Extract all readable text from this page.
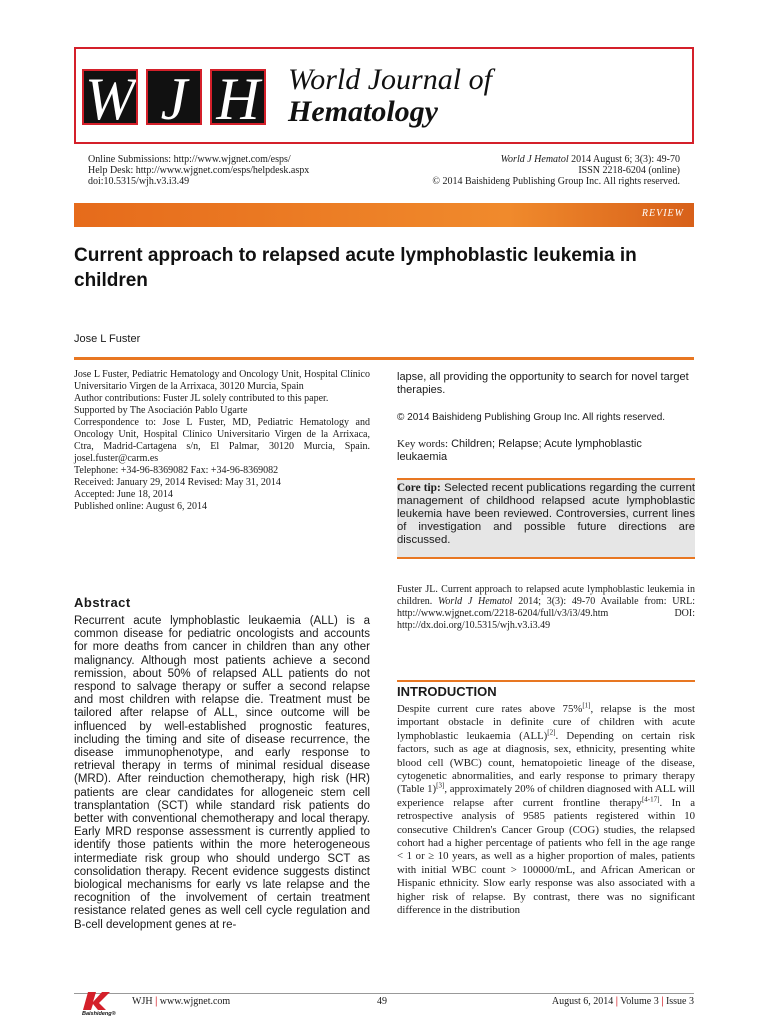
W J H World Journal of
Hematology
Online Submissions: http://www.wjgnet.com/esps/
Help Desk: http://www.wjgnet.com/esps/helpdesk.aspx
doi:10.5315/wjh.v3.i3.49
World J Hematol 2014 August 6; 3(3): 49-70
ISSN 2218-6204 (online)
© 2014 Baishideng Publishing Group Inc. All rights reserved.
REVIEW
Current approach to relapsed acute lymphoblastic leukemia in children
Jose L Fuster

Jose L Fuster, Pediatric Hematology and Oncology Unit, Hospital Clínico Universitario Virgen de la Arrixaca, 30120 Murcia, Spain

Author contributions: Fuster JL solely contributed to this paper.

Supported by The Asociación Pablo Ugarte

Correspondence to: Jose L Fuster, MD, Pediatric Hematology and Oncology Unit, Hospital Clínico Universitario Virgen de la Arrixaca, Ctra, Madrid-Cartagena s/n, El Palmar, 30120 Murcia, Spain. josel.fuster@carm.es

Telephone: +34-96-8369082 Fax: +34-96-8369082

Received: January 29, 2014 Revised: May 31, 2014

Accepted: June 18, 2014

Published online: August 6, 2014

Abstract

Recurrent acute lymphoblastic leukaemia (ALL) is a common disease for pediatric oncologists and accounts for more deaths from cancer in children than any other malignancy. Although most patients achieve a second remission, about 50% of relapsed ALL patients do not respond to salvage therapy or suffer a second relapse and most children with relapse die. Treatment must be tailored after relapse of ALL, since outcome will be influenced by well-established prognostic features, including the timing and site of disease recurrence, the disease immunophenotype, and early response to retrieval therapy in terms of minimal residual disease (MRD). After reinduction chemotherapy, high risk (HR) patients are clear candidates for allogeneic stem cell transplantation (SCT) while standard risk patients do better with conventional chemotherapy and local therapy. Early MRD response assessment is currently applied to identify those patients within the more heterogeneous intermediate risk group who should undergo SCT as consolidation therapy. Recent evidence suggests distinct biological mechanisms for early vs late relapse and the recognition of the involvement of certain treatment resistance related genes as well cell cycle regulation and B-cell development genes at re-

lapse, all providing the opportunity to search for novel target therapies.

© 2014 Baishideng Publishing Group Inc. All rights reserved.

Key words: Children; Relapse; Acute lymphoblastic leukaemia

Core tip: Selected recent publications regarding the current management of childhood relapsed acute lymphoblastic leukemia have been reviewed. Controversies, current lines of investigation and possible future directions are discussed.

Fuster JL. Current approach to relapsed acute lymphoblastic leukemia in children. World J Hematol 2014; 3(3): 49-70 Available from: URL: http://www.wjgnet.com/2218-6204/full/v3/i3/49.htm DOI: http://dx.doi.org/10.5315/wjh.v3.i3.49

INTRODUCTION

Despite current cure rates above 75%[1], relapse is the most important obstacle in definite cure of children with acute lymphoblastic leukaemia (ALL)[2]. Depending on certain risk factors, such as age at diagnosis, sex, ethnicity, presenting white blood cell (WBC) count, hematopoietic lineage of the disease, cytogenetic abnormalities, and early response to primary therapy (Table 1)[3], approximately 20% of children diagnosed with ALL will experience relapse after current frontline therapy[4-17]. In a retrospective analysis of 9585 patients registered within 10 consecutive Children's Cancer Group (COG) studies, the relapsed cohort had a higher percentage of patients who fell in the age range < 1 or ≥ 10 years, as well as a higher proportion of males, patients with initial WBC count > 100000/mL, and African American or Hispanic ethnicity. Slow early response was also associated with a higher risk of relapse. By contrast, there was no significant difference in the distribution

Baishideng®
WJH | www.wjgnet.com	49	August 6, 2014 | Volume 3 | Issue 3
